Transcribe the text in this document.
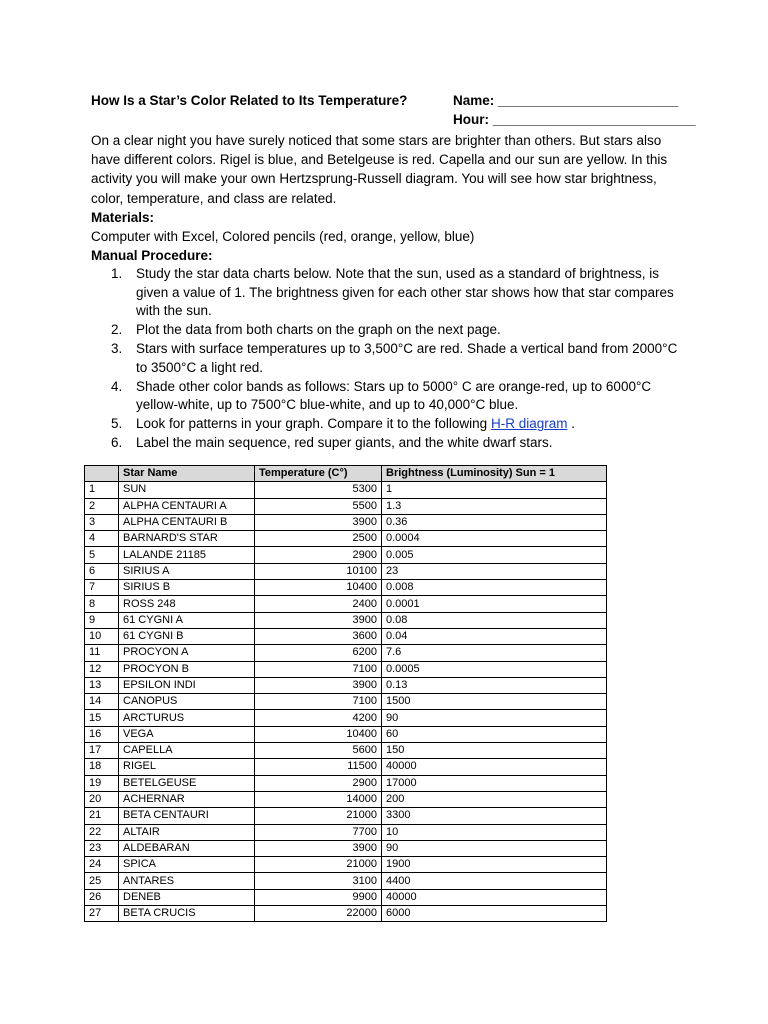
How Is a Star’s Color Related to Its Temperature?	Name: ________________________
Hour: ___________________________

On a clear night you have surely noticed that some stars are brighter than others. But stars also have different colors. Rigel is blue, and Betelgeuse is red. Capella and our sun are yellow. In this activity you will make your own Hertzsprung-Russell diagram. You will see how star brightness, color, temperature, and class are related.

Materials:

Computer with Excel, Colored pencils (red, orange, yellow, blue)

Manual Procedure:

1. Study the star data charts below. Note that the sun, used as a standard of brightness, is given a value of 1. The brightness given for each other star shows how that star compares with the sun.
2. Plot the data from both charts on the graph on the next page.
3. Stars with surface temperatures up to 3,500°C are red. Shade a vertical band from 2000°C to 3500°C a light red.
4. Shade other color bands as follows: Stars up to 5000° C are orange-red, up to 6000°C yellow-white, up to 7500°C blue-white, and up to 40,000°C blue.
5. Look for patterns in your graph. Compare it to the following H-R diagram .
6. Label the main sequence, red super giants, and the white dwarf stars.
	Star Name	Temperature (C°)	Brightness (Luminosity) Sun = 1
1	SUN	5300	1
2	ALPHA CENTAURI A	5500	1.3
3	ALPHA CENTAURI B	3900	0.36
4	BARNARD'S STAR	2500	0.0004
5	LALANDE 21185	2900	0.005
6	SIRIUS A	10100	23
7	SIRIUS B	10400	0.008
8	ROSS 248	2400	0.0001
9	61 CYGNI A	3900	0.08
10	61 CYGNI B	3600	0.04
11	PROCYON A	6200	7.6
12	PROCYON B	7100	0.0005
13	EPSILON INDI	3900	0.13
14	CANOPUS	7100	1500
15	ARCTURUS	4200	90
16	VEGA	10400	60
17	CAPELLA	5600	150
18	RIGEL	11500	40000
19	BETELGEUSE	2900	17000
20	ACHERNAR	14000	200
21	BETA CENTAURI	21000	3300
22	ALTAIR	7700	10
23	ALDEBARAN	3900	90
24	SPICA	21000	1900
25	ANTARES	3100	4400
26	DENEB	9900	40000
27	BETA CRUCIS	22000	6000
